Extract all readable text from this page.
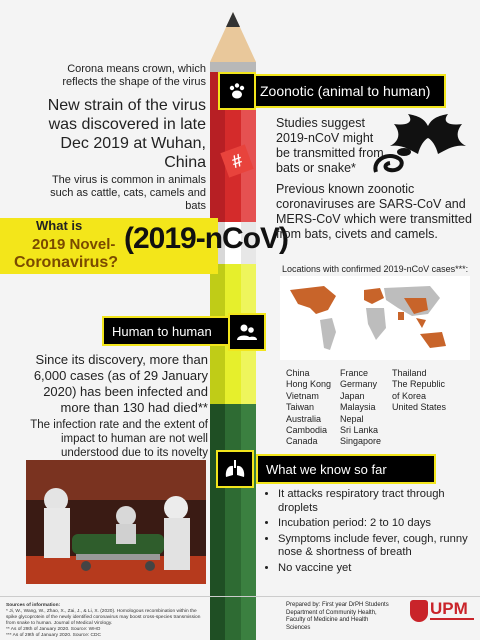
#
Corona means crown, which reflects the shape of the virus
New strain of the virus was discovered in late Dec 2019 at Wuhan, China
The virus is common in animals such as cattle, cats, camels and bats
What is
2019 Novel-
Coronavirus?
(2019-nCoV)
Zoonotic (animal to human)
Studies suggest 2019-nCoV might be transmitted from bats or snake*
Previous known zoonotic coronaviruses are SARS-CoV and MERS-CoV which were transmitted from bats, civets and camels.
Locations with confirmed 2019-nCoV cases***:
Human to human
Since its discovery, more than 6,000 cases (as of 29 January 2020) has been infected and more than 130 had died**
The infection rate and the extent of impact to human are not well understood due to its novelty
China
Hong Kong
Vietnam
Taiwan
Australia
Cambodia
Canada
France
Germany
Japan
Malaysia
Nepal
Sri Lanka
Singapore
Thailand
The Republic
of Korea
United States
What we know so far
• It attacks respiratory tract through droplets
• Incubation period: 2 to 10 days
• Symptoms include fever, cough, runny nose & shortness of breath
• No vaccine yet
Sources of information:
* Ji, W., Wang, W., Zhao, X., Zai, J., & Li, X. (2020). Homologous recombination within the spike glycoprotein of the newly identified coronavirus may boost cross-species transmission from snake to human. Journal of Medical Virology.
** As of 29th of January 2020. Source: WHO
*** As of 29th of January 2020. Source: CDC
Prepared by: First year DrPH Students
Department of Community Health,
Faculty of Medicine and Health
Sciences
UPM
